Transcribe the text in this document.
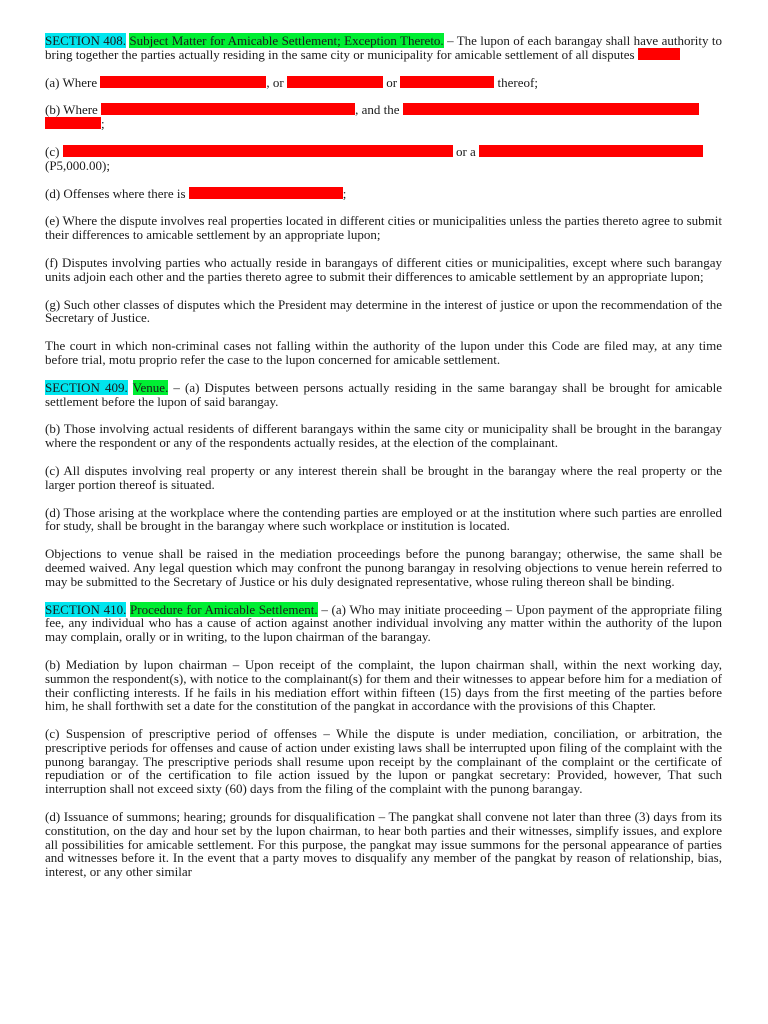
SECTION 408. Subject Matter for Amicable Settlement; Exception Thereto. – The lupon of each barangay shall have authority to bring together the parties actually residing in the same city or municipality for amicable settlement of all disputes

(a) Where	, or	or	thereof;

(b) Where	, and the
;

(c)	or a
(P5,000.00);

(d) Offenses where there is	;

(e) Where the dispute involves real properties located in different cities or municipalities unless the parties thereto agree to submit their differences to amicable settlement by an appropriate lupon;

(f) Disputes involving parties who actually reside in barangays of different cities or municipalities, except where such barangay units adjoin each other and the parties thereto agree to submit their differences to amicable settlement by an appropriate lupon;

(g) Such other classes of disputes which the President may determine in the interest of justice or upon the recommendation of the Secretary of Justice.

The court in which non-criminal cases not falling within the authority of the lupon under this Code are filed may, at any time before trial, motu proprio refer the case to the lupon concerned for amicable settlement.

SECTION 409. Venue. – (a) Disputes between persons actually residing in the same barangay shall be brought for amicable settlement before the lupon of said barangay.

(b) Those involving actual residents of different barangays within the same city or municipality shall be brought in the barangay where the respondent or any of the respondents actually resides, at the election of the complainant.

(c) All disputes involving real property or any interest therein shall be brought in the barangay where the real property or the larger portion thereof is situated.

(d) Those arising at the workplace where the contending parties are employed or at the institution where such parties are enrolled for study, shall be brought in the barangay where such workplace or institution is located.

Objections to venue shall be raised in the mediation proceedings before the punong barangay; otherwise, the same shall be deemed waived. Any legal question which may confront the punong barangay in resolving objections to venue herein referred to may be submitted to the Secretary of Justice or his duly designated representative, whose ruling thereon shall be binding.

SECTION 410. Procedure for Amicable Settlement. – (a) Who may initiate proceeding – Upon payment of the appropriate filing fee, any individual who has a cause of action against another individual involving any matter within the authority of the lupon may complain, orally or in writing, to the lupon chairman of the barangay.

(b) Mediation by lupon chairman – Upon receipt of the complaint, the lupon chairman shall, within the next working day, summon the respondent(s), with notice to the complainant(s) for them and their witnesses to appear before him for a mediation of their conflicting interests. If he fails in his mediation effort within fifteen (15) days from the first meeting of the parties before him, he shall forthwith set a date for the constitution of the pangkat in accordance with the provisions of this Chapter.

(c) Suspension of prescriptive period of offenses – While the dispute is under mediation, conciliation, or arbitration, the prescriptive periods for offenses and cause of action under existing laws shall be interrupted upon filing of the complaint with the punong barangay. The prescriptive periods shall resume upon receipt by the complainant of the complaint or the certificate of repudiation or of the certification to file action issued by the lupon or pangkat secretary: Provided, however, That such interruption shall not exceed sixty (60) days from the filing of the complaint with the punong barangay.

(d) Issuance of summons; hearing; grounds for disqualification – The pangkat shall convene not later than three (3) days from its constitution, on the day and hour set by the lupon chairman, to hear both parties and their witnesses, simplify issues, and explore all possibilities for amicable settlement. For this purpose, the pangkat may issue summons for the personal appearance of parties and witnesses before it. In the event that a party moves to disqualify any member of the pangkat by reason of relationship, bias, interest, or any other similar
